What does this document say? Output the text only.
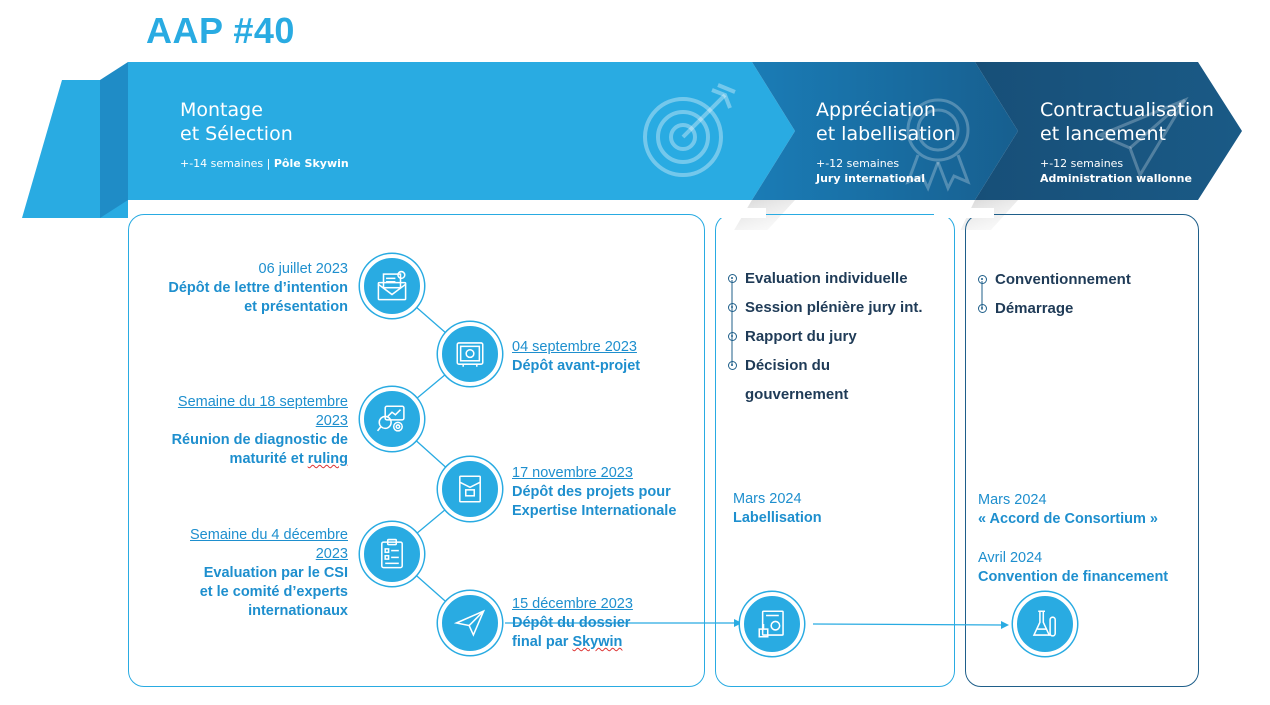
AAP #40
Montage
et Sélection
+-14 semaines | Pôle Skywin
Appréciation
et labellisation
+-12 semaines
Jury international
Contractualisation
et lancement
+-12 semaines
Administration wallonne
06 juillet 2023
Dépôt de lettre d’intention
et présentation
04 septembre 2023
Dépôt avant-projet
Semaine du 18 septembre
2023
Réunion de diagnostic de
maturité et ruling
17 novembre 2023
Dépôt des projets pour
Expertise Internationale
Semaine du 4 décembre
2023
Evaluation par le CSI
et le comité d’experts
internationaux	15 décembre 2023
Dépôt du dossier
final par Skywin
Evaluation individuelle
Session plénière jury int.
Rapport du jury
Décision du
gouvernement
Mars 2024
Labellisation
Conventionnement
Démarrage
Mars 2024
« Accord de Consortium »
Avril 2024
Convention de financement
